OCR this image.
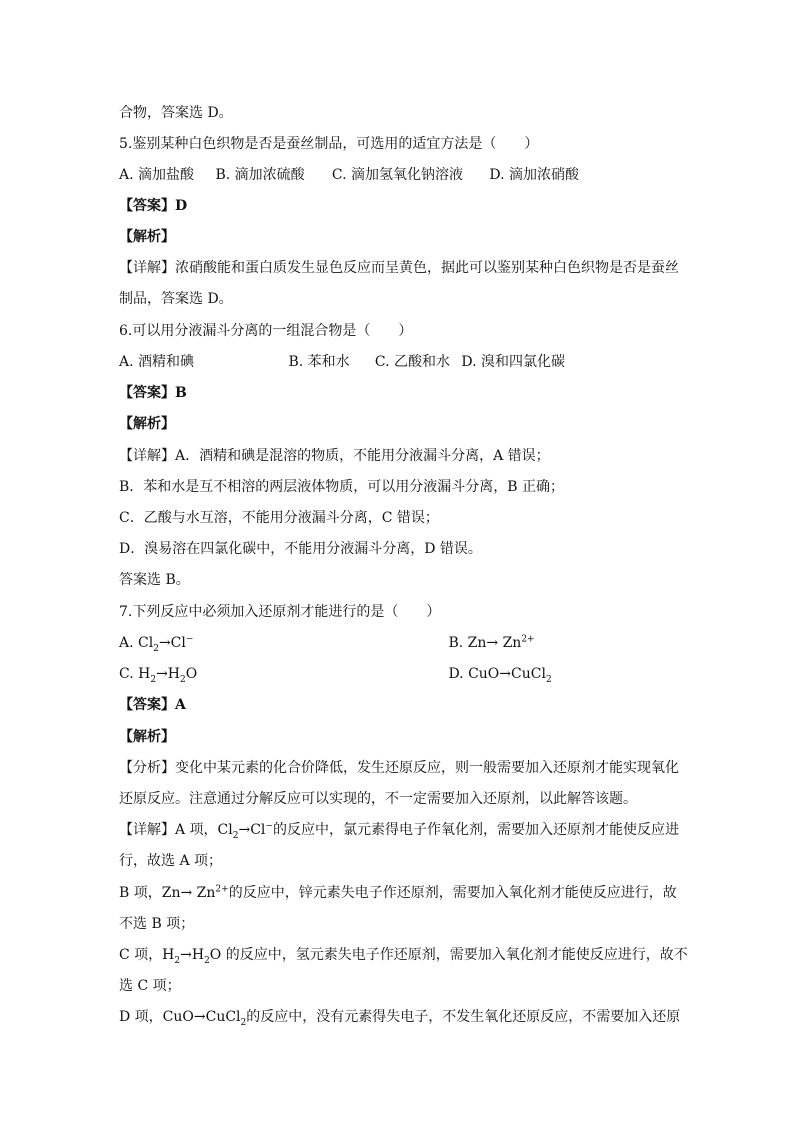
合物，答案选 D。
5.鉴别某种白色织物是否是蚕丝制品，可选用的适宜方法是（　　）
A. 滴加盐酸 B. 滴加浓硫酸 C. 滴加氢氧化钠溶液 D. 滴加浓硝酸
【答案】D
【解析】
【详解】浓硝酸能和蛋白质发生显色反应而呈黄色，据此可以鉴别某种白色织物是否是蚕丝
制品，答案选 D。
6.可以用分液漏斗分离的一组混合物是（　　）
A. 酒精和碘	B. 苯和水 C. 乙酸和水 D. 溴和四氯化碳
【答案】B
【解析】
【详解】A．酒精和碘是混溶的物质，不能用分液漏斗分离，A 错误；
B．苯和水是互不相溶的两层液体物质，可以用分液漏斗分离，B 正确；
C．乙酸与水互溶，不能用分液漏斗分离，C 错误；
D．溴易溶在四氯化碳中，不能用分液漏斗分离，D 错误。
答案选 B。
7.下列反应中必须加入还原剂才能进行的是（　　）
A. $Cl_2\to Cl^-$	B. $Zn\to Zn^{2+}$
C. $H_2\to H_2O$	D. CuO→CuCl$_2$
【答案】A
【解析】
【分析】变化中某元素的化合价降低，发生还原反应，则一般需要加入还原剂才能实现氧化
还原反应。注意通过分解反应可以实现的，不一定需要加入还原剂，以此解答该题。
【详解】A 项，$Cl_2\to Cl^-$的反应中，氯元素得电子作氧化剂，需要加入还原剂才能使反应进
行，故选 A 项；
B 项，$Zn\to Zn^{2+}$的反应中，锌元素失电子作还原剂，需要加入氧化剂才能使反应进行，故
不选 B 项；
C 项，$H_2\to H_2O$ 的反应中，氢元素失电子作还原剂，需要加入氧化剂才能使反应进行，故不
选 C 项；
D 项，CuO→CuCl$_2$的反应中，没有元素得失电子，不发生氧化还原反应，不需要加入还原
